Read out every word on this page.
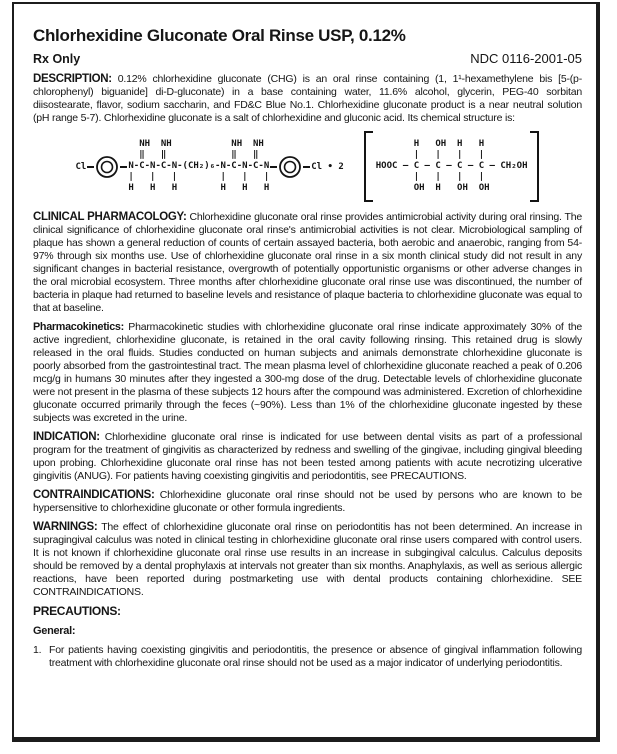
Chlorhexidine Gluconate Oral Rinse USP, 0.12%
Rx Only	NDC 0116-2001-05

DESCRIPTION: 0.12% chlorhexidine gluconate (CHG) is an oral rinse containing (1, 1¹-hexamethylene bis [5-(p-chlorophenyl) biguanide] di-D-gluconate) in a base containing water, 11.6% alcohol, glycerin, PEG-40 sorbitan diisostearate, flavor, sodium saccharin, and FD&C Blue No.1. Chlorhexidine gluconate product is a near neutral solution (pH range 5-7). Chlorhexidine gluconate is a salt of chlorhexidine and gluconic acid. Its chemical structure is:

Cl
NH  NH           NH  NH
‖   ‖            ‖   ‖
N-C-N-C-N-(CH₂)₆-N-C-N-C-N
|   |   |        |   |   |
H   H   H        H   H   H
Cl • 2
H   OH  H   H
|   |   |   |
HOOC — C — C — C — C — CH₂OH
|   |   |   |
OH  H   OH  OH

CLINICAL PHARMACOLOGY: Chlorhexidine gluconate oral rinse provides antimicrobial activity during oral rinsing. The clinical significance of chlorhexidine gluconate oral rinse's antimicrobial activities is not clear. Microbiological sampling of plaque has shown a general reduction of counts of certain assayed bacteria, both aerobic and anaerobic, ranging from 54-97% through six months use. Use of chlorhexidine gluconate oral rinse in a six month clinical study did not result in any significant changes in bacterial resistance, overgrowth of potentially opportunistic organisms or other adverse changes in the oral microbial ecosystem. Three months after chlorhexidine gluconate oral rinse use was discontinued, the number of bacteria in plaque had returned to baseline levels and resistance of plaque bacteria to chlorhexidine gluconate was equal to that at baseline.

Pharmacokinetics: Pharmacokinetic studies with chlorhexidine gluconate oral rinse indicate approximately 30% of the active ingredient, chlorhexidine gluconate, is retained in the oral cavity following rinsing. This retained drug is slowly released in the oral fluids. Studies conducted on human subjects and animals demonstrate chlorhexidine gluconate is poorly absorbed from the gastrointestinal tract. The mean plasma level of chlorhexidine gluconate reached a peak of 0.206 mcg/g in humans 30 minutes after they ingested a 300-mg dose of the drug. Detectable levels of chlorhexidine gluconate were not present in the plasma of these subjects 12 hours after the compound was administered. Excretion of chlorhexidine gluconate occurred primarily through the feces (~90%). Less than 1% of the chlorhexidine gluconate ingested by these subjects was excreted in the urine.

INDICATION: Chlorhexidine gluconate oral rinse is indicated for use between dental visits as part of a professional program for the treatment of gingivitis as characterized by redness and swelling of the gingivae, including gingival bleeding upon probing. Chlorhexidine gluconate oral rinse has not been tested among patients with acute necrotizing ulcerative gingivitis (ANUG). For patients having coexisting gingivitis and periodontitis, see PRECAUTIONS.

CONTRAINDICATIONS: Chlorhexidine gluconate oral rinse should not be used by persons who are known to be hypersensitive to chlorhexidine gluconate or other formula ingredients.

WARNINGS: The effect of chlorhexidine gluconate oral rinse on periodontitis has not been determined. An increase in supragingival calculus was noted in clinical testing in chlorhexidine gluconate oral rinse users compared with control users. It is not known if chlorhexidine gluconate oral rinse use results in an increase in subgingival calculus. Calculus deposits should be removed by a dental prophylaxis at intervals not greater than six months. Anaphylaxis, as well as serious allergic reactions, have been reported during postmarketing use with dental products containing chlorhexidine. SEE CONTRAINDICATIONS.

PRECAUTIONS:

General:

1. For patients having coexisting gingivitis and periodontitis, the presence or absence of gingival inflammation following treatment with chlorhexidine gluconate oral rinse should not be used as a major indicator of underlying periodontitis.
